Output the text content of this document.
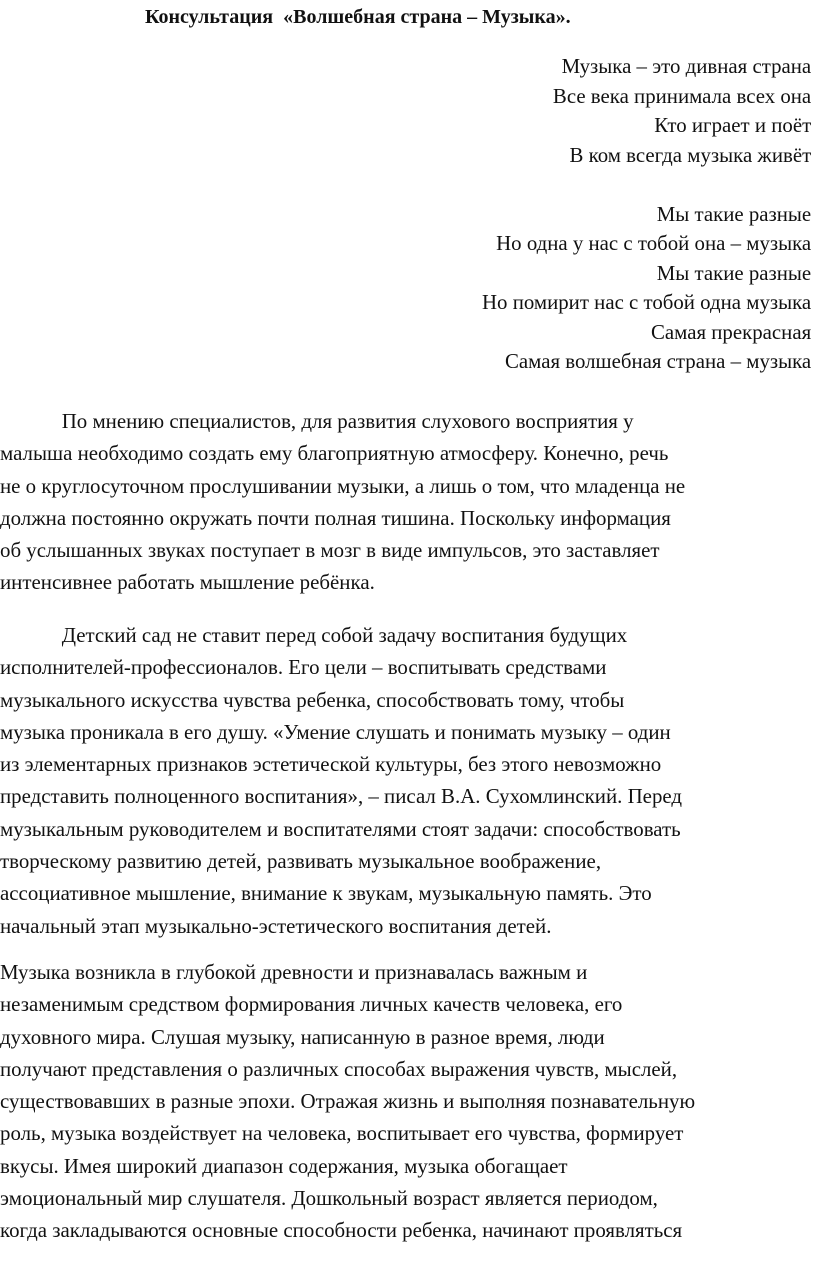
Консультация  «Волшебная страна – Музыка».
Музыка – это дивная страна
Все века принимала всех она
Кто играет и поёт
В ком всегда музыка живёт
Мы такие разные
Но одна у нас с тобой она – музыка
Мы такие разные
Но помирит нас с тобой одна музыка
Самая прекрасная
Самая волшебная страна – музыка
По мнению специалистов, для развития слухового восприятия у
малыша необходимо создать ему благоприятную атмосферу. Конечно, речь
не о круглосуточном прослушивании музыки, а лишь о том, что младенца не
должна постоянно окружать почти полная тишина. Поскольку информация
об услышанных звуках поступает в мозг в виде импульсов, это заставляет
интенсивнее работать мышление ребёнка.
Детский сад не ставит перед собой задачу воспитания будущих
исполнителей-профессионалов. Его цели – воспитывать средствами
музыкального искусства чувства ребенка, способствовать тому, чтобы
музыка проникала в его душу. «Умение слушать и понимать музыку – один
из элементарных признаков эстетической культуры, без этого невозможно
представить полноценного воспитания», – писал В.А. Сухомлинский. Перед
музыкальным руководителем и воспитателями стоят задачи: способствовать
творческому развитию детей, развивать музыкальное воображение,
ассоциативное мышление, внимание к звукам, музыкальную память. Это
начальный этап музыкально-эстетического воспитания детей.
Музыка возникла в глубокой древности и признавалась важным и
незаменимым средством формирования личных качеств человека, его
духовного мира. Слушая музыку, написанную в разное время, люди
получают представления о различных способах выражения чувств, мыслей,
существовавших в разные эпохи. Отражая жизнь и выполняя познавательную
роль, музыка воздействует на человека, воспитывает его чувства, формирует
вкусы. Имея широкий диапазон содержания, музыка обогащает
эмоциональный мир слушателя. Дошкольный возраст является периодом,
когда закладываются основные способности ребенка, начинают проявляться
